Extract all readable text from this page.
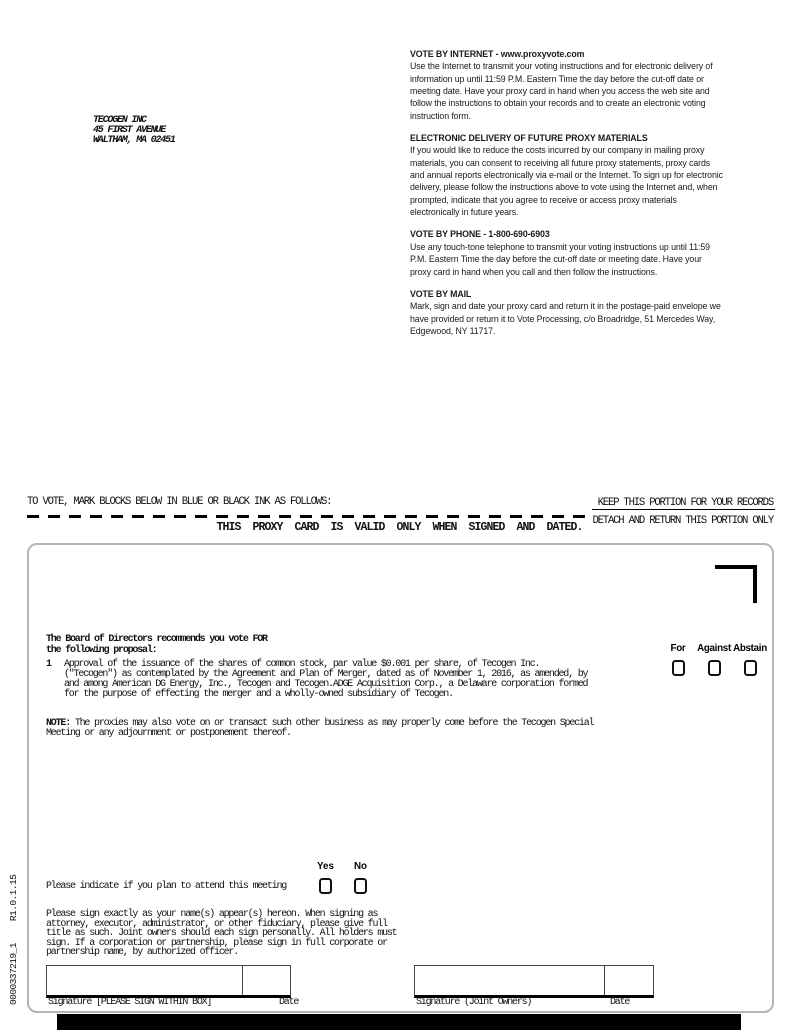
TECOGEN INC
45 FIRST AVENUE
WALTHAM, MA 02451
VOTE BY INTERNET - www.proxyvote.com
Use the Internet to transmit your voting instructions and for electronic delivery of information up until 11:59 P.M. Eastern Time the day before the cut-off date or meeting date. Have your proxy card in hand when you access the web site and follow the instructions to obtain your records and to create an electronic voting instruction form.
ELECTRONIC DELIVERY OF FUTURE PROXY MATERIALS
If you would like to reduce the costs incurred by our company in mailing proxy materials, you can consent to receiving all future proxy statements, proxy cards and annual reports electronically via e-mail or the Internet. To sign up for electronic delivery, please follow the instructions above to vote using the Internet and, when prompted, indicate that you agree to receive or access proxy materials electronically in future years.
VOTE BY PHONE - 1-800-690-6903
Use any touch-tone telephone to transmit your voting instructions up until 11:59 P.M. Eastern Time the day before the cut-off date or meeting date. Have your proxy card in hand when you call and then follow the instructions.
VOTE BY MAIL
Mark, sign and date your proxy card and return it in the postage-paid envelope we have provided or return it to Vote Processing, c/o Broadridge, 51 Mercedes Way, Edgewood, NY 11717.
TO VOTE, MARK BLOCKS BELOW IN BLUE OR BLACK INK AS FOLLOWS:	KEEP THIS PORTION FOR YOUR RECORDS
DETACH AND RETURN THIS PORTION ONLY
THIS PROXY CARD IS VALID ONLY WHEN SIGNED AND DATED.
The Board of Directors recommends you vote FOR
the following proposal:	For	Against Abstain
1 Approval of the issuance of the shares of common stock, par value $0.001 per share, of Tecogen Inc.
("Tecogen") as contemplated by the Agreement and Plan of Merger, dated as of November 1, 2016, as amended, by
and among American DG Energy, Inc., Tecogen and Tecogen.ADGE Acquisition Corp., a Delaware corporation formed
for the purpose of effecting the merger and a wholly-owned subsidiary of Tecogen.
NOTE: The proxies may also vote on or transact such other business as may properly come before the Tecogen Special Meeting or any adjournment or postponement thereof.
Yes	No
Please indicate if you plan to attend this meeting
Please sign exactly as your name(s) appear(s) hereon. When signing as attorney, executor, administrator, or other fiduciary, please give full title as such. Joint owners should each sign personally. All holders must sign. If a corporation or partnership, please sign in full corporate or partnership name, by authorized officer.
Signature [PLEASE SIGN WITHIN BOX]	Date	Signature (Joint Owners)	Date
0000337219_1R1.0.1.15
